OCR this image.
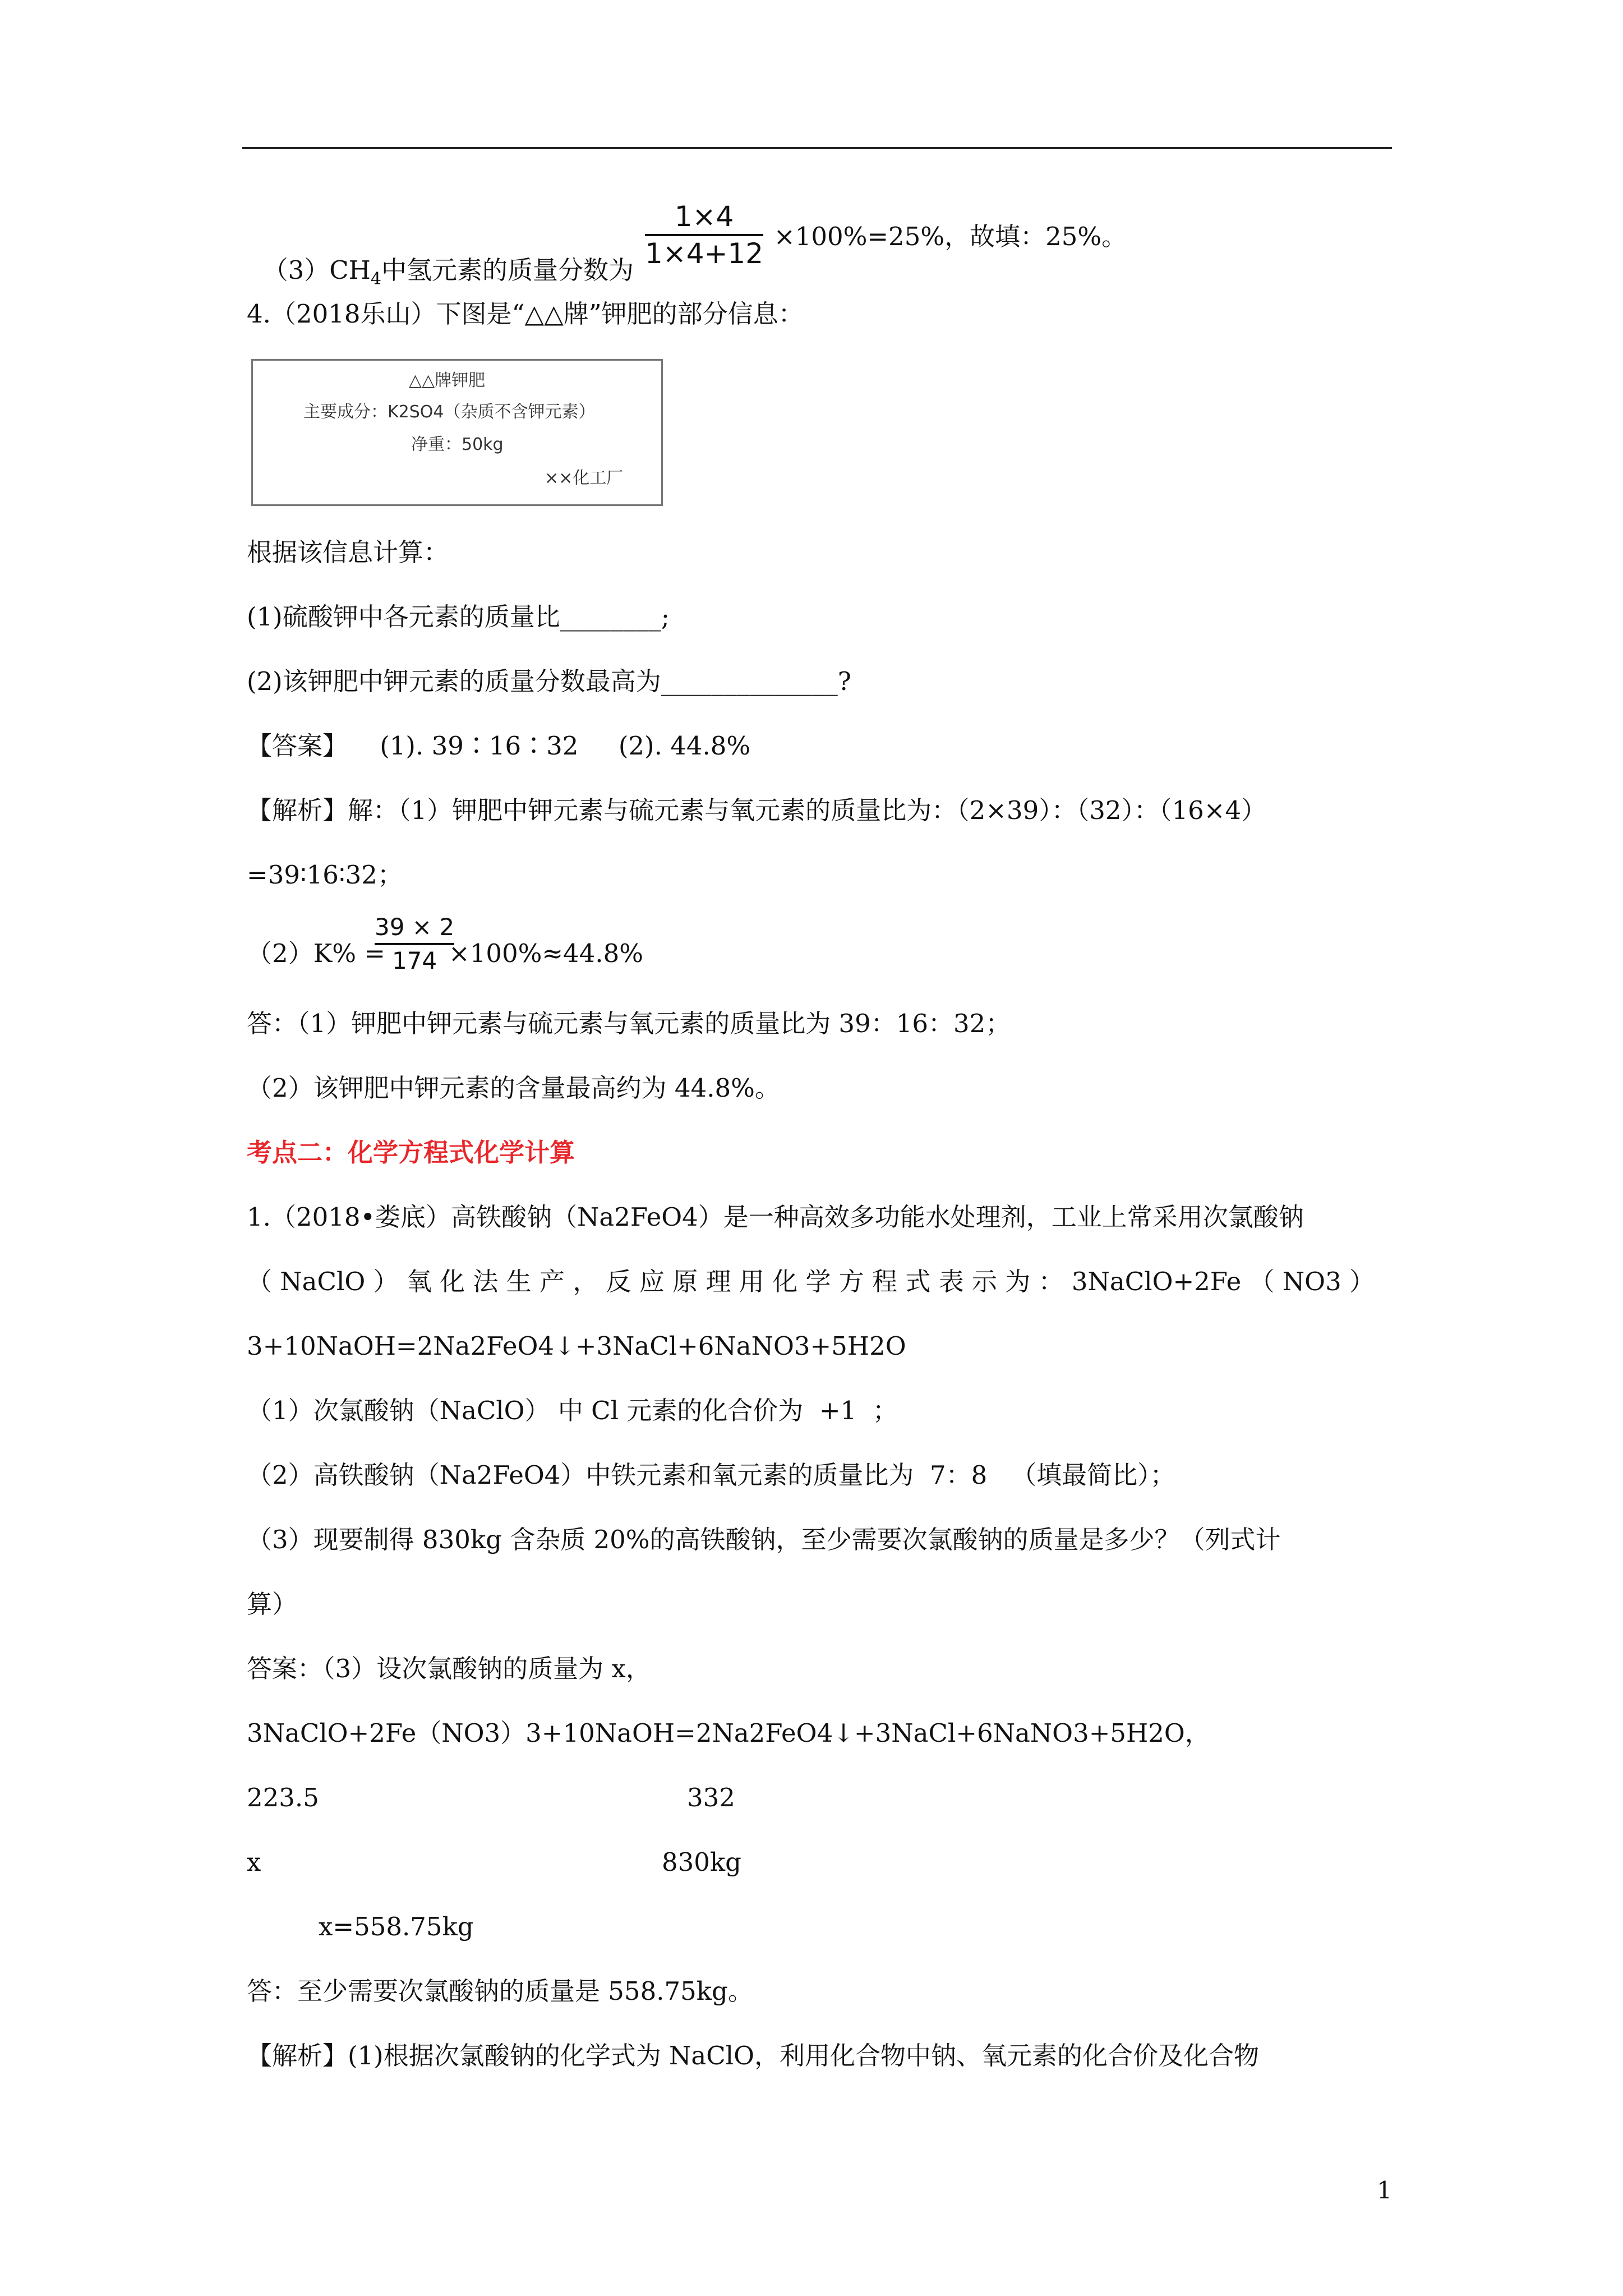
$(3)CH_4$中氢元素的质量分数为

1×4
1×4+12
×100%=25%，故填：25%。
4.（2018乐山）下图是“△△牌”钾肥的部分信息：
△△牌钾肥
主要成分：K2SO4（杂质不含钾元素）
净重：50kg
××化工厂
根据该信息计算：
(1)硫酸钾中各元素的质量比________;
(2)该钾肥中钾元素的质量分数最高为______________?
【答案】    (1). 39∶16∶32     (2). 44.8%
【解析】解：（1）钾肥中钾元素与硫元素与氧元素的质量比为：（2×39）：（32）：（16×4）
=39∶16∶32；
（2）K% =
39 × 2
174 ×100%≈44.8%
答：（1）钾肥中钾元素与硫元素与氧元素的质量比为 39：16：32；
（2）该钾肥中钾元素的含量最高约为 44.8%。
考点二：化学方程式化学计算
1.（2018•娄底）高铁酸钠（Na2FeO4）是一种高效多功能水处理剂，工业上常采用次氯酸钠
（ NaClO ） 氧 化 法 生 产 ， 反 应 原 理 用 化 学 方 程 式 表 示 为 ： 3NaClO+2Fe （ NO3 ）
3+10NaOH=2Na2FeO4↓+3NaCl+6NaNO3+5H2O
（1）次氯酸钠（NaClO） 中 Cl 元素的化合价为  +1  ；
（2）高铁酸钠（Na2FeO4）中铁元素和氧元素的质量比为  7：8   （填最简比）；
（3）现要制得 830kg 含杂质 20%的高铁酸钠，至少需要次氯酸钠的质量是多少？（列式计
算）
答案：（3）设次氯酸钠的质量为 x，
3NaClO+2Fe（NO3）3+10NaOH=2Na2FeO4↓+3NaCl+6NaNO3+5H2O，
223.5	332
x	830kg
x=558.75kg
答：至少需要次氯酸钠的质量是 558.75kg。
【解析】(1)根据次氯酸钠的化学式为 NaClO，利用化合物中钠、氧元素的化合价及化合物
1
